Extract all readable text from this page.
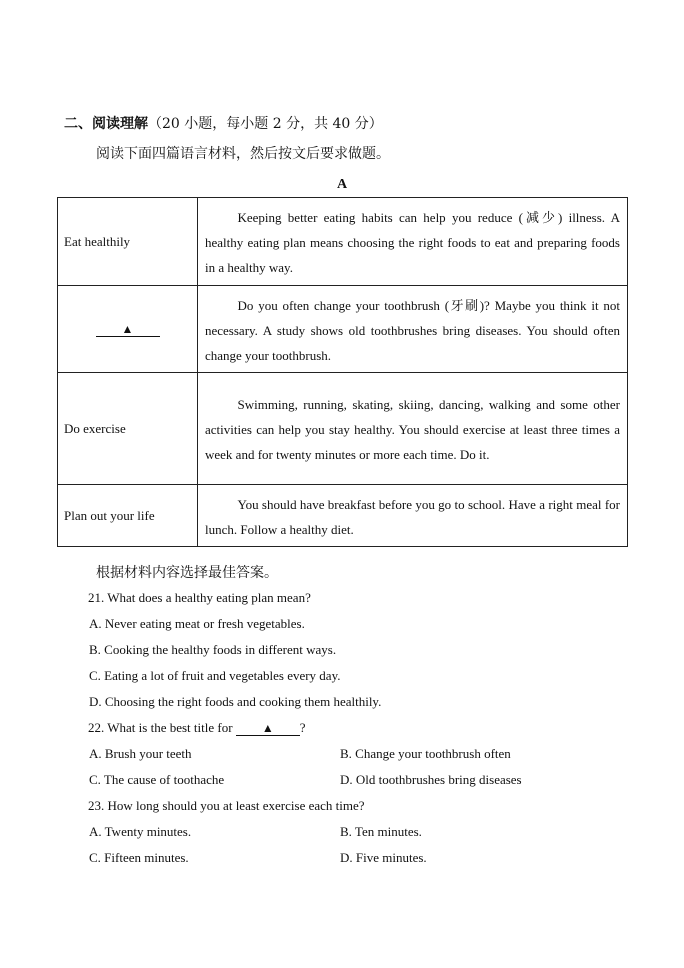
二、阅读理解（20 小题，每小题 2 分，共 40 分）
阅读下面四篇语言材料，然后按文后要求做题。
A
Eat healthily	Keeping better eating habits can help you reduce (减少) illness. A healthy eating plan means choosing the right foods to eat and preparing foods in a healthy way.
▲	Do you often change your toothbrush (牙刷)? Maybe you think it not necessary. A study shows old toothbrushes bring diseases. You should often change your toothbrush.
Do exercise	Swimming, running, skating, skiing, dancing, walking and some other activities can help you stay healthy. You should exercise at least three times a week and for twenty minutes or more each time. Do it.
Plan out your life	You should have breakfast before you go to school. Have a right meal for lunch. Follow a healthy diet.
根据材料内容选择最佳答案。
21. What does a healthy eating plan mean?
A. Never eating meat or fresh vegetables.
B. Cooking the healthy foods in different ways.
C. Eating a lot of fruit and vegetables every day.
D. Choosing the right foods and cooking them healthily.
22. What is the best title for ▲ ?
A. Brush your teeth	B. Change your toothbrush often
C. The cause of toothache	D. Old toothbrushes bring diseases
23. How long should you at least exercise each time?
A. Twenty minutes.	B. Ten minutes.
C. Fifteen minutes.	D. Five minutes.
